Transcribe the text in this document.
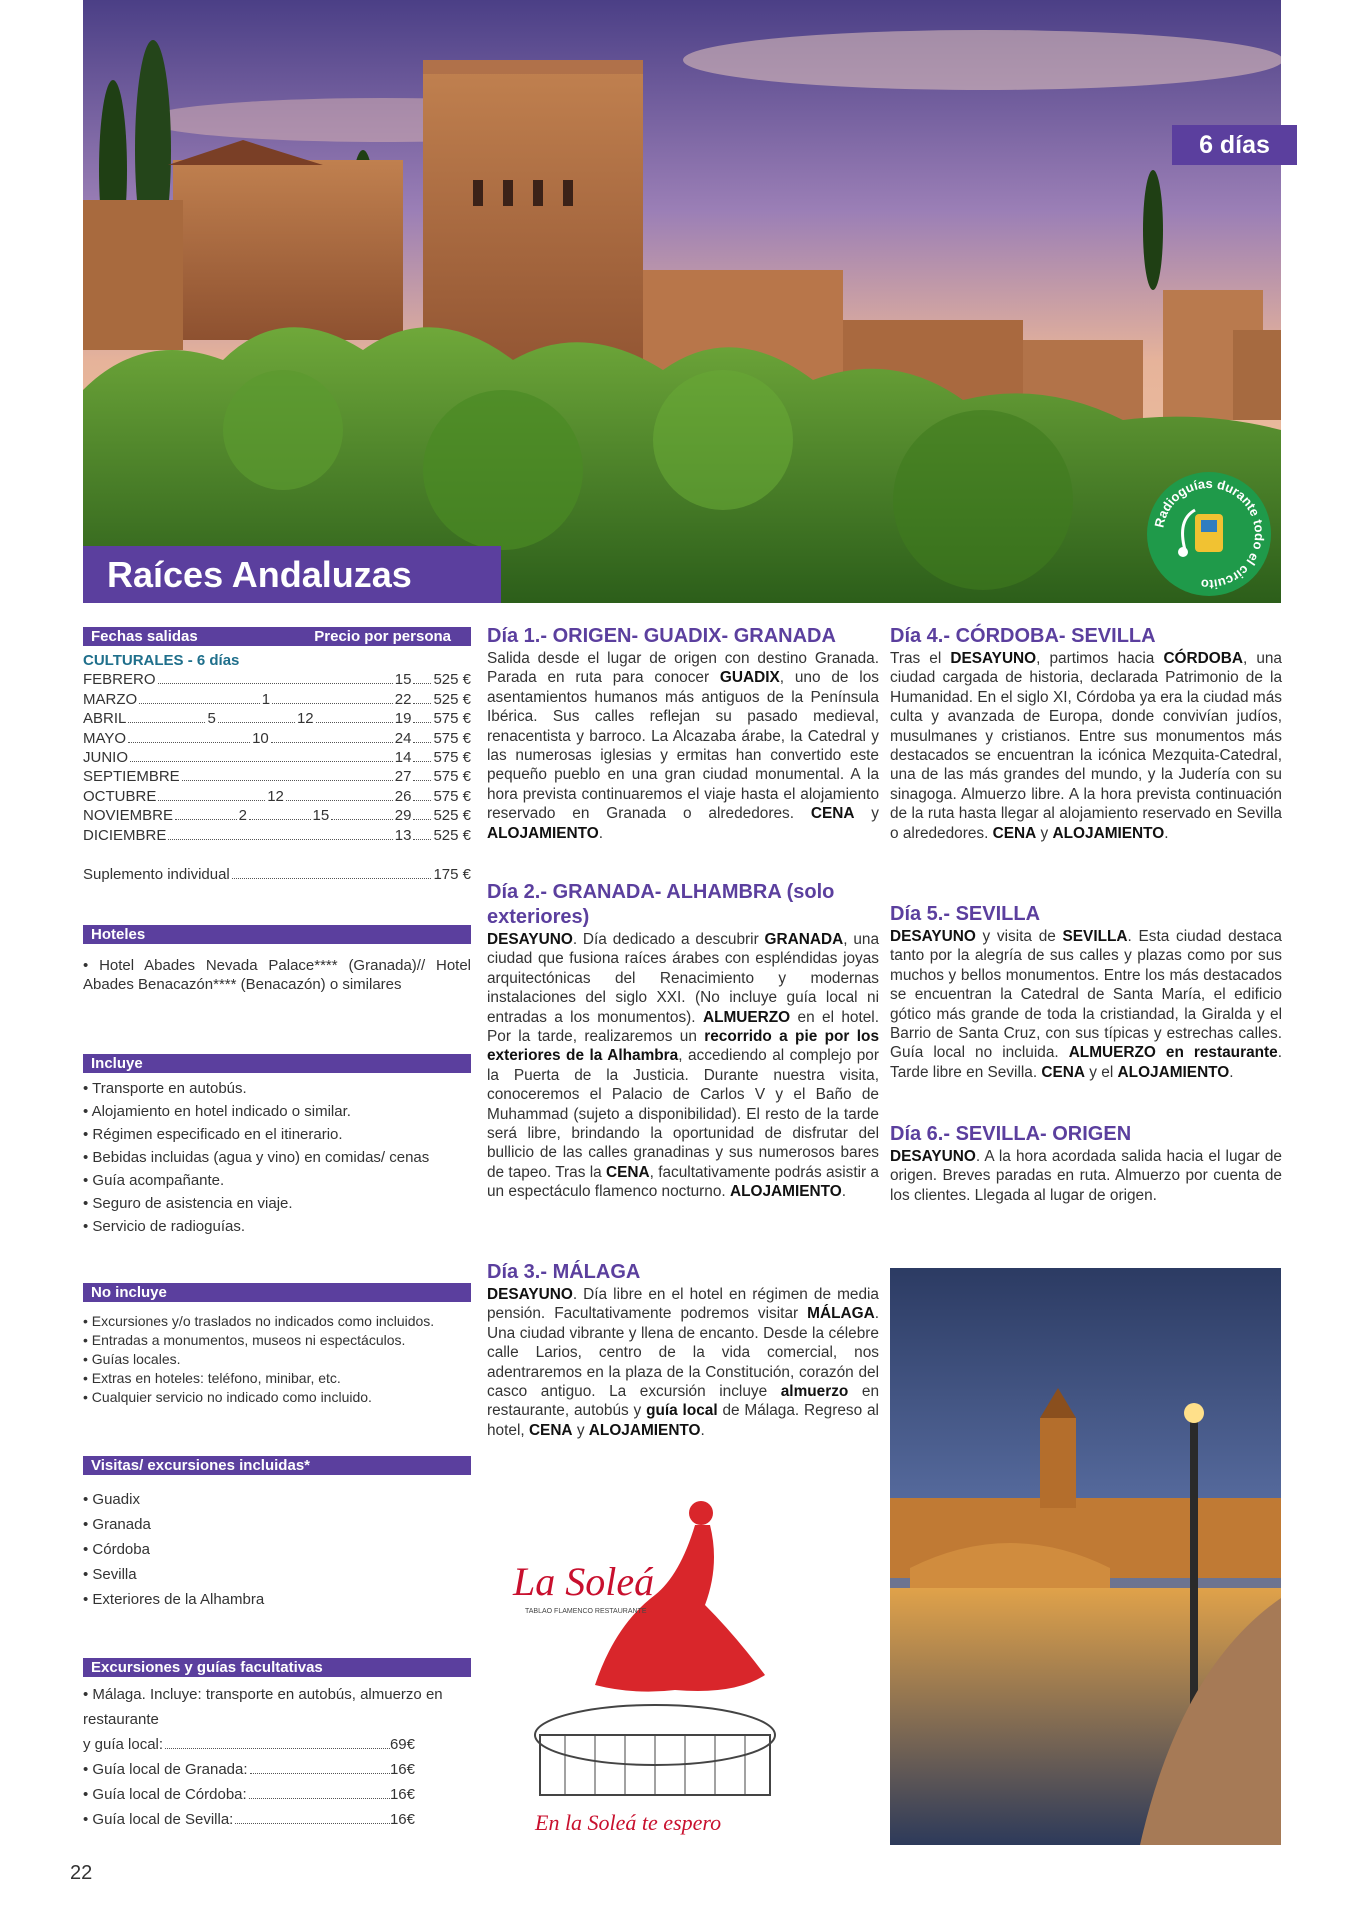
6 días
Radioguías durante todo el circuito
Raíces Andaluzas
Fechas salidas	Precio por persona
CULTURALES - 6 días
FEBRERO	15 525 €
MARZO	1	22 525 €
ABRIL	5	12	19 575 €
MAYO	10	24 575 €
JUNIO	14 575 €
SEPTIEMBRE	27 575 €
OCTUBRE	12	26 575 €
NOVIEMBRE	2	15	29 525 €
DICIEMBRE	13 525 €
Suplemento individual	175 €
Hoteles
• Hotel Abades Nevada Palace**** (Granada)// Hotel Abades Benacazón**** (Benacazón) o similares
Incluye
• Transporte en autobús.
• Alojamiento en hotel indicado o similar.
• Régimen especificado en el itinerario.
• Bebidas incluidas (agua y vino) en comidas/ cenas
• Guía acompañante.
• Seguro de asistencia en viaje.
• Servicio de radioguías.
No incluye
• Excursiones y/o traslados no indicados como incluidos.
• Entradas a monumentos, museos ni espectáculos.
• Guías locales.
• Extras en hoteles: teléfono, minibar, etc.
• Cualquier servicio no indicado como incluido.
Visitas/ excursiones incluidas*
• Guadix
• Granada
• Córdoba
• Sevilla
• Exteriores de la Alhambra
Excursiones y guías facultativas
• Málaga. Incluye: transporte en autobús, almuerzo en restaurante
y guía local:	69€
• Guía local de Granada:	16€
• Guía local de Córdoba:	16€
• Guía local de Sevilla:	16€
Día 1.- ORIGEN- GUADIX- GRANADA

Salida desde el lugar de origen con destino Granada. Parada en ruta para conocer GUADIX, uno de los asentamientos humanos más antiguos de la Península Ibérica. Sus calles reflejan su pasado medieval, renacentista y barroco. La Alcazaba árabe, la Catedral y las numerosas iglesias y ermitas han convertido este pequeño pueblo en una gran ciudad monumental. A la hora prevista continuaremos el viaje hasta el alojamiento reservado en Granada o alrededores. CENA y ALOJAMIENTO.

Día 2.- GRANADA- ALHAMBRA (solo exteriores)

DESAYUNO. Día dedicado a descubrir GRANADA, una ciudad que fusiona raíces árabes con espléndidas joyas arquitectónicas del Renacimiento y modernas instalaciones del siglo XXI. (No incluye guía local ni entradas a los monumentos). ALMUERZO en el hotel. Por la tarde, realizaremos un recorrido a pie por los exteriores de la Alhambra, accediendo al complejo por la Puerta de la Justicia. Durante nuestra visita, conoceremos el Palacio de Carlos V y el Baño de Muhammad (sujeto a disponibilidad). El resto de la tarde será libre, brindando la oportunidad de disfrutar del bullicio de las calles granadinas y sus numerosos bares de tapeo. Tras la CENA, facultativamente podrás asistir a un espectáculo flamenco nocturno. ALOJAMIENTO.

Día 3.- MÁLAGA

DESAYUNO. Día libre en el hotel en régimen de media pensión. Facultativamente podremos visitar MÁLAGA. Una ciudad vibrante y llena de encanto. Desde la célebre calle Larios, centro de la vida comercial, nos adentraremos en la plaza de la Constitución, corazón del casco antiguo. La excursión incluye almuerzo en restaurante, autobús y guía local de Málaga. Regreso al hotel, CENA y ALOJAMIENTO.

Día 4.- CÓRDOBA- SEVILLA

Tras el DESAYUNO, partimos hacia CÓRDOBA, una ciudad cargada de historia, declarada Patrimonio de la Humanidad. En el siglo XI, Córdoba ya era la ciudad más culta y avanzada de Europa, donde convivían judíos, musulmanes y cristianos. Entre sus monumentos más destacados se encuentran la icónica Mezquita-Catedral, una de las más grandes del mundo, y la Judería con su sinagoga. Almuerzo libre. A la hora prevista continuación de la ruta hasta llegar al alojamiento reservado en Sevilla o alrededores. CENA y ALOJAMIENTO.

Día 5.- SEVILLA

DESAYUNO y visita de SEVILLA. Esta ciudad destaca tanto por la alegría de sus calles y plazas como por sus muchos y bellos monumentos. Entre los más destacados se encuentran la Catedral de Santa María, el edificio gótico más grande de toda la cristiandad, la Giralda y el Barrio de Santa Cruz, con sus típicas y estrechas calles. Guía local no incluida. ALMUERZO en restaurante. Tarde libre en Sevilla. CENA y el ALOJAMIENTO.

Día 6.- SEVILLA- ORIGEN

DESAYUNO. A la hora acordada salida hacia el lugar de origen. Breves paradas en ruta. Almuerzo por cuenta de los clientes. Llegada al lugar de origen.

La Soleá
TABLAO FLAMENCO RESTAURANTE
En la Soleá te espero
22
